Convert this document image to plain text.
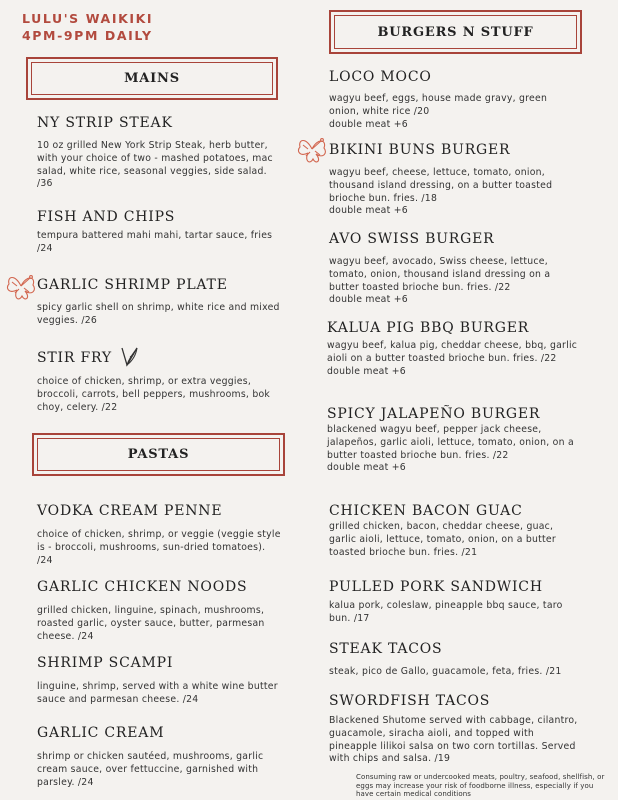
LULU'S WAIKIKI
4PM-9PM DAILY
MAINS
PASTAS
BURGERS N STUFF
NY STRIP STEAK
10 oz grilled New York Strip Steak, herb butter, with your choice of two - mashed potatoes, mac salad, white rice, seasonal veggies, side salad. /36
FISH AND CHIPS
tempura battered mahi mahi, tartar sauce, fries /24
GARLIC SHRIMP PLATE
spicy garlic shell on shrimp, white rice and mixed veggies. /26
STIR FRY
choice of chicken, shrimp, or extra veggies, broccoli, carrots, bell peppers, mushrooms, bok choy, celery. /22
VODKA CREAM PENNE
choice of chicken, shrimp, or veggie (veggie style is - broccoli, mushrooms, sun-dried tomatoes). /24
GARLIC CHICKEN NOODS
grilled chicken, linguine, spinach, mushrooms, roasted garlic, oyster sauce, butter, parmesan cheese. /24
SHRIMP SCAMPI
linguine, shrimp, served with a white wine butter sauce and parmesan cheese. /24
GARLIC CREAM
shrimp or chicken sautéed, mushrooms, garlic cream sauce, over fettuccine, garnished with parsley. /24
LOCO MOCO
wagyu beef, eggs, house made gravy, green onion, white rice /20
double meat +6
BIKINI BUNS BURGER
wagyu beef, cheese, lettuce, tomato, onion, thousand island dressing, on a butter toasted brioche bun. fries. /18
double meat +6
AVO SWISS BURGER
wagyu beef, avocado, Swiss cheese, lettuce, tomato, onion, thousand island dressing on a butter toasted brioche bun. fries. /22
double meat +6
KALUA PIG BBQ BURGER
wagyu beef, kalua pig, cheddar cheese, bbq, garlic aioli on a butter toasted brioche bun. fries. /22
double meat +6
SPICY JALAPEÑO BURGER
blackened wagyu beef, pepper jack cheese, jalapeños, garlic aioli, lettuce, tomato, onion, on a butter toasted brioche bun. fries. /22
double meat +6
CHICKEN BACON GUAC
grilled chicken, bacon, cheddar cheese, guac, garlic aioli, lettuce, tomato, onion, on a butter toasted brioche bun. fries. /21
PULLED PORK SANDWICH
kalua pork, coleslaw, pineapple bbq sauce, taro bun. /17
STEAK TACOS
steak, pico de Gallo, guacamole, feta, fries. /21
SWORDFISH TACOS
Blackened Shutome served with cabbage, cilantro, guacamole, siracha aioli, and topped with pineapple lilikoi salsa on two corn tortillas. Served with chips and salsa. /19
Consuming raw or undercooked meats, poultry, seafood, shellfish, or eggs may increase your risk of foodborne illness, especially if you have certain medical conditions
